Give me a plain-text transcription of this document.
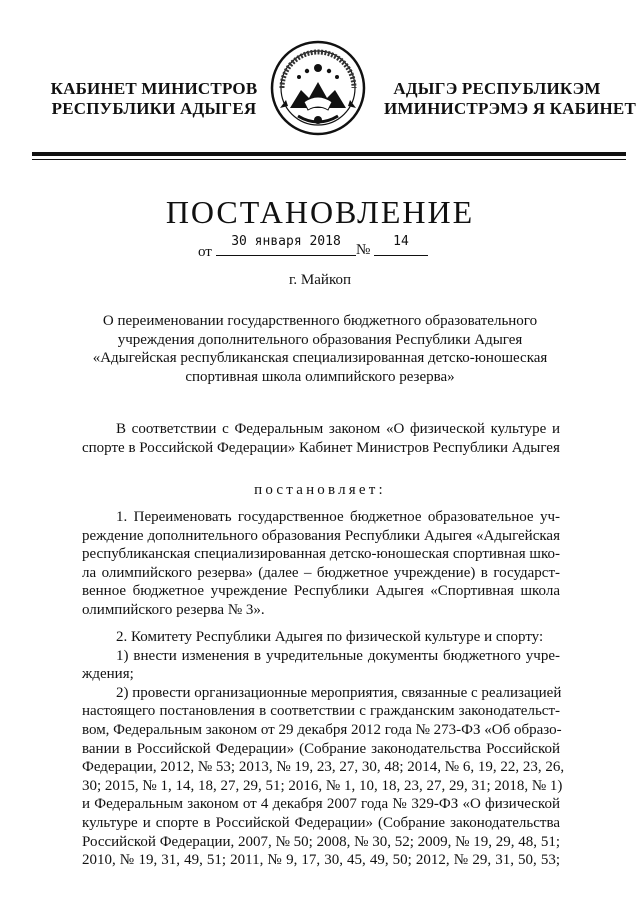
КАБИНЕТ МИНИСТРОВ
РЕСПУБЛИКИ АДЫГЕЯ
АДЫГЭ РЕСПУБЛИКЭМ
ИМИНИСТРЭМЭ Я КАБИНЕТ
ПОСТАНОВЛЕНИЕ
от
30 января 2018
№
14
г. Майкоп
О переименовании государственного бюджетного образовательного
учреждения дополнительного образования Республики Адыгея
«Адыгейская республиканская специализированная детско-юношеская
спортивная школа олимпийского резерва»
В соответствии с Федеральным законом «О физической культуре и
спорте в Российской Федерации» Кабинет Министров Республики Адыгея
постановляет:
1. Переименовать государственное бюджетное образовательное уч-
реждение дополнительного образования Республики Адыгея «Адыгейская
республиканская специализированная детско-юношеская спортивная шко-
ла олимпийского резерва» (далее – бюджетное учреждение) в государст-
венное бюджетное учреждение Республики Адыгея «Спортивная школа
олимпийского резерва № 3».
2. Комитету Республики Адыгея по физической культуре и спорту:
1) внести изменения в учредительные документы бюджетного учре-
ждения;
2) провести организационные мероприятия, связанные с реализацией
настоящего постановления в соответствии с гражданским законодательст-
вом, Федеральным законом от 29 декабря 2012 года № 273-ФЗ «Об образо-
вании в Российской Федерации» (Собрание законодательства Российской
Федерации, 2012, № 53; 2013, № 19, 23, 27, 30, 48; 2014, № 6, 19, 22, 23, 26,
30; 2015, № 1, 14, 18, 27, 29, 51; 2016, № 1, 10, 18, 23, 27, 29, 31; 2018, № 1)
и Федеральным законом от 4 декабря 2007 года № 329-ФЗ «О физической
культуре и спорте в Российской Федерации» (Собрание законодательства
Российской Федерации, 2007, № 50; 2008, № 30, 52; 2009, № 19, 29, 48, 51;
2010, № 19, 31, 49, 51; 2011, № 9, 17, 30, 45, 49, 50; 2012, № 29, 31, 50, 53;
